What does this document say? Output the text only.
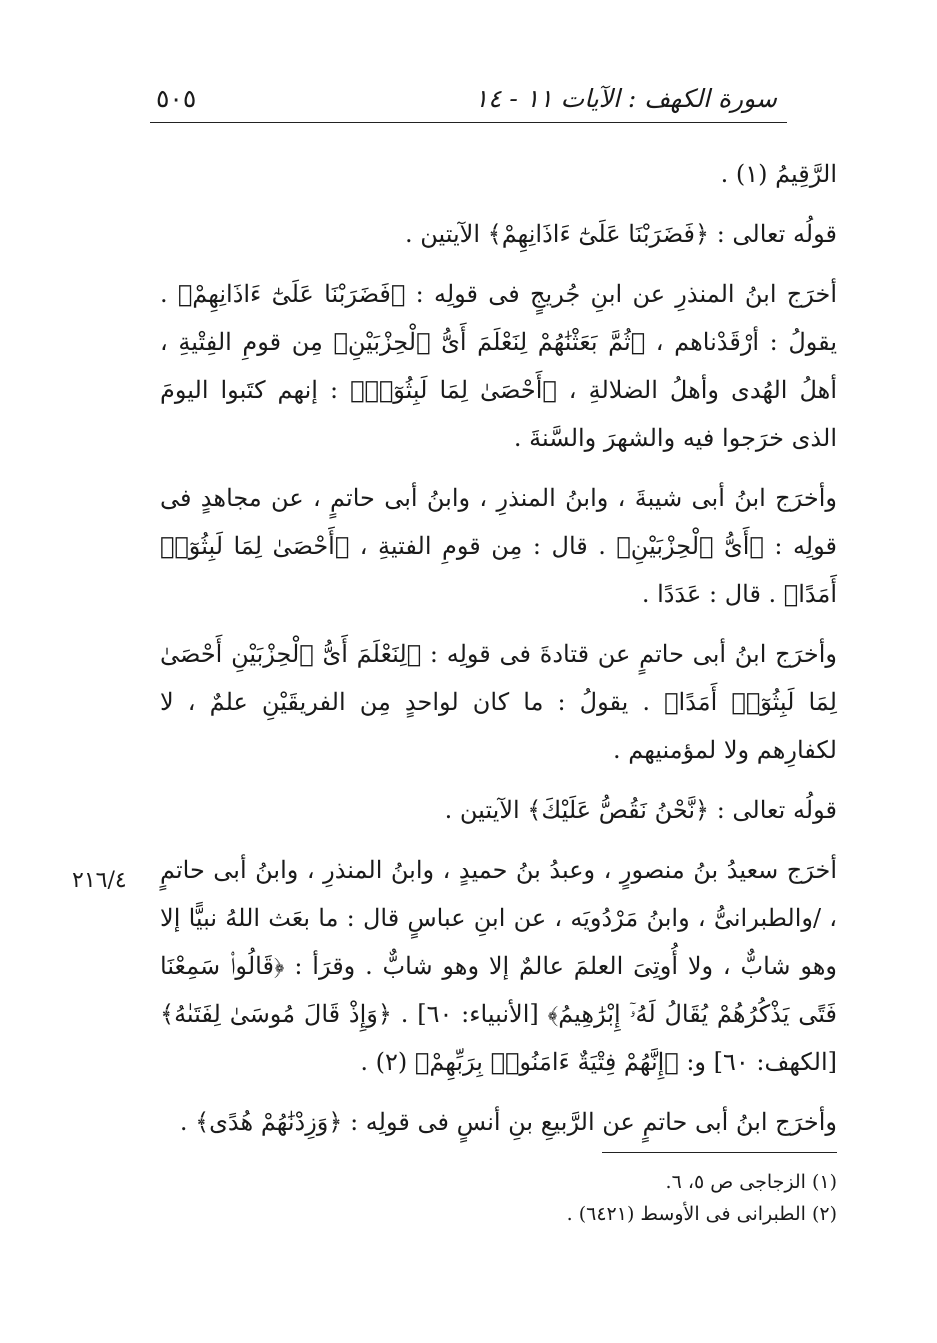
سورة الكهف : الآيات ١١ - ١٤
٥٠٥

الرَّقِيمُ (١) .

قولُه تعالى : ﴿فَضَرَبْنَا عَلَىٰٓ ءَاذَانِهِمْ﴾ الآيتين .

أخرَج ابنُ المنذرِ عن ابنِ جُريجٍ فى قولِه : ﴿فَضَرَبْنَا عَلَىٰٓ ءَاذَانِهِمْ﴾ . يقولُ : أرْقَدْناهم ، ﴿ثُمَّ بَعَثْنَٰهُمْ لِنَعْلَمَ أَىُّ ٱلْحِزْبَيْنِ﴾ مِن قومِ الفِتْيةِ ، أهلُ الهُدى وأهلُ الضلالةِ ، ﴿أَحْصَىٰ لِمَا لَبِثُوٓا۟﴾ : إنهم كتَبوا اليومَ الذى خرَجوا فيه والشهرَ والسَّنةَ .

وأخرَج ابنُ أبى شيبةَ ، وابنُ المنذرِ ، وابنُ أبى حاتمٍ ، عن مجاهدٍ فى قولِه : ﴿أَىُّ ٱلْحِزْبَيْنِ﴾ . قال : مِن قومِ الفتيةِ ، ﴿أَحْصَىٰ لِمَا لَبِثُوٓا۟ أَمَدًا﴾ . قال : عَدَدًا .

وأخرَج ابنُ أبى حاتمٍ عن قتادةَ فى قولِه : ﴿لِنَعْلَمَ أَىُّ ٱلْحِزْبَيْنِ أَحْصَىٰ لِمَا لَبِثُوٓا۟ أَمَدًا﴾ . يقولُ : ما كان لواحدٍ مِن الفريقَيْنِ علمٌ ، لا لكفارِهم ولا لمؤمنيهم .

قولُه تعالى : ﴿نَّحْنُ نَقُصُّ عَلَيْكَ﴾ الآيتين .

أخرَج سعيدُ بنُ منصورٍ ، وعبدُ بنُ حميدٍ ، وابنُ المنذرِ ، وابنُ أبى حاتمٍ ، /والطبرانىُّ ، وابنُ مَرْدُويَه ، عن ابنِ عباسٍ قال : ما بعَث اللهُ نبيًّا إلا وهو شابٌّ ، ولا أُوتِىَ العلمَ عالمٌ إلا وهو شابٌّ . وقرَأ : ﴿قَالُوا۟ سَمِعْنَا فَتًى يَذْكُرُهُمْ يُقَالُ لَهُۥٓ إِبْرَٰهِيمُ﴾ [الأنبياء: ٦٠] . ﴿وَإِذْ قَالَ مُوسَىٰ لِفَتَىٰهُ﴾ [الكهف: ٦٠] و: ﴿إِنَّهُمْ فِتْيَةٌ ءَامَنُوا۟ بِرَبِّهِمْ﴾ (٢) .

وأخرَج ابنُ أبى حاتمٍ عن الرَّبيعِ بنِ أنسٍ فى قولِه : ﴿وَزِدْنَٰهُمْ هُدًى﴾ .

٢١٦/٤
(١) الزجاجى ص ٥، ٦.
(٢) الطبرانى فى الأوسط (٦٤٢١) .
